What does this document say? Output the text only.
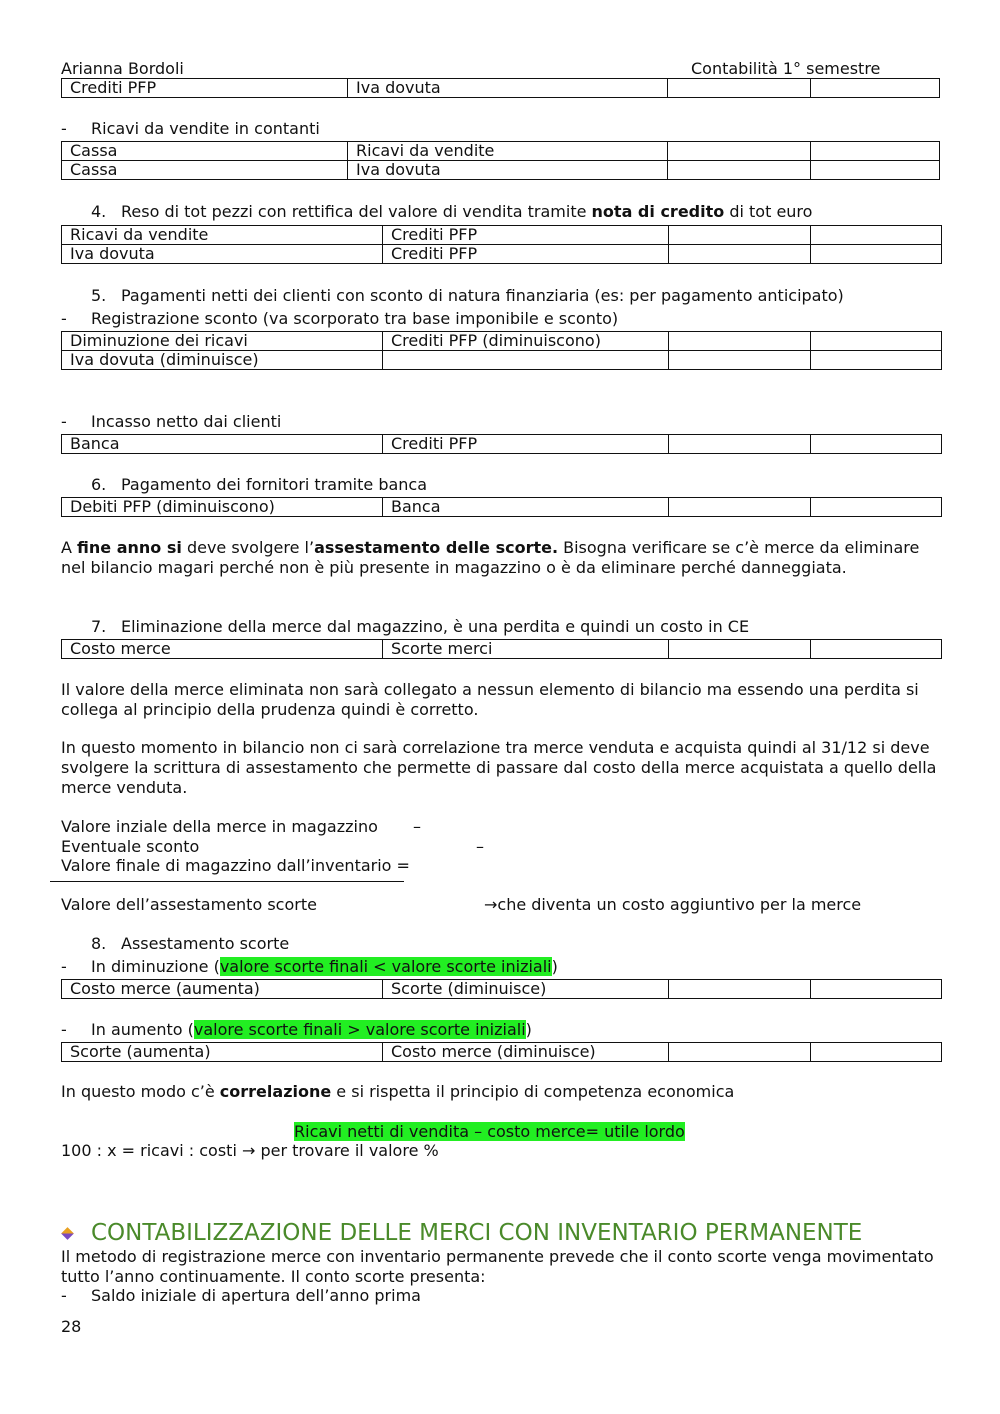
Arianna Bordoli	Contabilità 1° semestre
Crediti PFP	Iva dovuta		
- Ricavi da vendite in contanti
Cassa	Ricavi da vendite		
Cassa	Iva dovuta		
4. Reso di tot pezzi con rettifica del valore di vendita tramite nota di credito di tot euro
Ricavi da vendite	Crediti PFP		
Iva dovuta	Crediti PFP		
5. Pagamenti netti dei clienti con sconto di natura finanziaria (es: per pagamento anticipato)
- Registrazione sconto (va scorporato tra base imponibile e sconto)
Diminuzione dei ricavi	Crediti PFP (diminuiscono)		
Iva dovuta (diminuisce)			
- Incasso netto dai clienti
Banca	Crediti PFP		
6. Pagamento dei fornitori tramite banca
Debiti PFP (diminuiscono)	Banca		
A fine anno si deve svolgere l’assestamento delle scorte. Bisogna verificare se c’è merce da eliminare nel bilancio magari perché non è più presente in magazzino o è da eliminare perché danneggiata.
7. Eliminazione della merce dal magazzino, è una perdita e quindi un costo in CE
Costo merce	Scorte merci		
Il valore della merce eliminata non sarà collegato a nessun elemento di bilancio ma essendo una perdita si collega al principio della prudenza quindi è corretto.
In questo momento in bilancio non ci sarà correlazione tra merce venduta e acquista quindi al 31/12 si deve svolgere la scrittura di assestamento che permette di passare dal costo della merce acquistata a quello della merce venduta.
Valore inziale della merce in magazzino –
Eventuale sconto	–
Valore finale di magazzino dall’inventario =
Valore dell’assestamento scorte	→che diventa un costo aggiuntivo per la merce
8. Assestamento scorte
- In diminuzione (valore scorte finali < valore scorte iniziali)
Costo merce (aumenta)	Scorte (diminuisce)		
- In aumento (valore scorte finali > valore scorte iniziali)
Scorte (aumenta)	Costo merce (diminuisce)		
In questo modo c’è correlazione e si rispetta il principio di competenza economica
Ricavi netti di vendita – costo merce= utile lordo
100 : x = ricavi : costi → per trovare il valore %
CONTABILIZZAZIONE DELLE MERCI CON INVENTARIO PERMANENTE
Il metodo di registrazione merce con inventario permanente prevede che il conto scorte venga movimentato tutto l’anno continuamente. Il conto scorte presenta:
- Saldo iniziale di apertura dell’anno prima
28
